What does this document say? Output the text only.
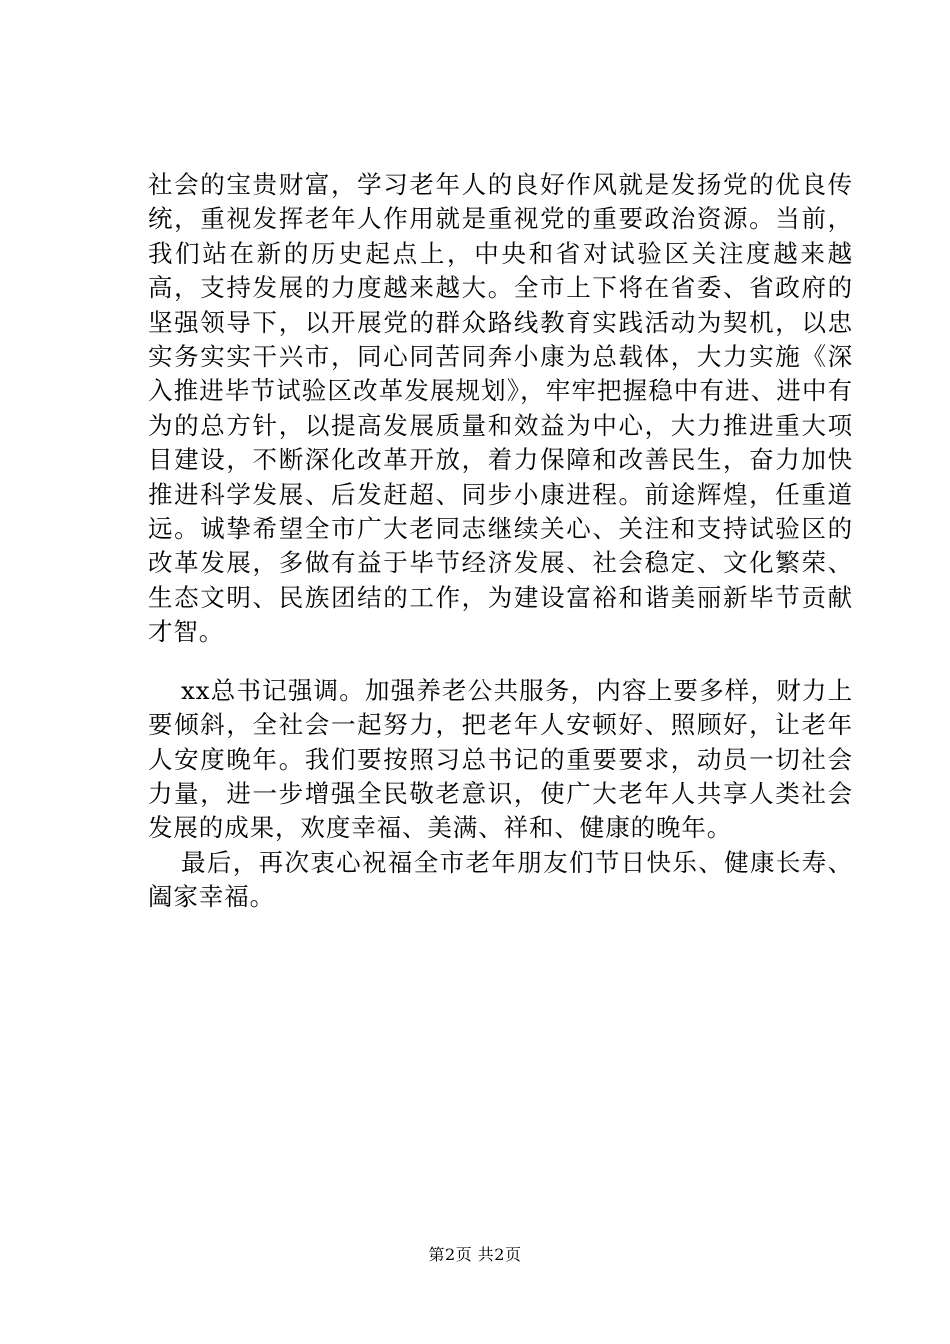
社会的宝贵财富，学习老年人的良好作风就是发扬党的优良传统，重视发挥老年人作用就是重视党的重要政治资源。当前，我们站在新的历史起点上，中央和省对试验区关注度越来越高，支持发展的力度越来越大。全市上下将在省委、省政府的坚强领导下，以开展党的群众路线教育实践活动为契机，以忠实务实实干兴市，同心同苦同奔小康为总载体，大力实施《深入推进毕节试验区改革发展规划》，牢牢把握稳中有进、进中有为的总方针，以提高发展质量和效益为中心，大力推进重大项目建设，不断深化改革开放，着力保障和改善民生，奋力加快推进科学发展、后发赶超、同步小康进程。前途辉煌，任重道远。诚挚希望全市广大老同志继续关心、关注和支持试验区的改革发展，多做有益于毕节经济发展、社会稳定、文化繁荣、生态文明、民族团结的工作，为建设富裕和谐美丽新毕节贡献才智。

xx总书记强调。加强养老公共服务，内容上要多样，财力上要倾斜，全社会一起努力，把老年人安顿好、照顾好，让老年人安度晚年。我们要按照习总书记的重要要求，动员一切社会力量，进一步增强全民敬老意识，使广大老年人共享人类社会发展的成果，欢度幸福、美满、祥和、健康的晚年。

最后，再次衷心祝福全市老年朋友们节日快乐、健康长寿、阖家幸福。

第2页 共2页
